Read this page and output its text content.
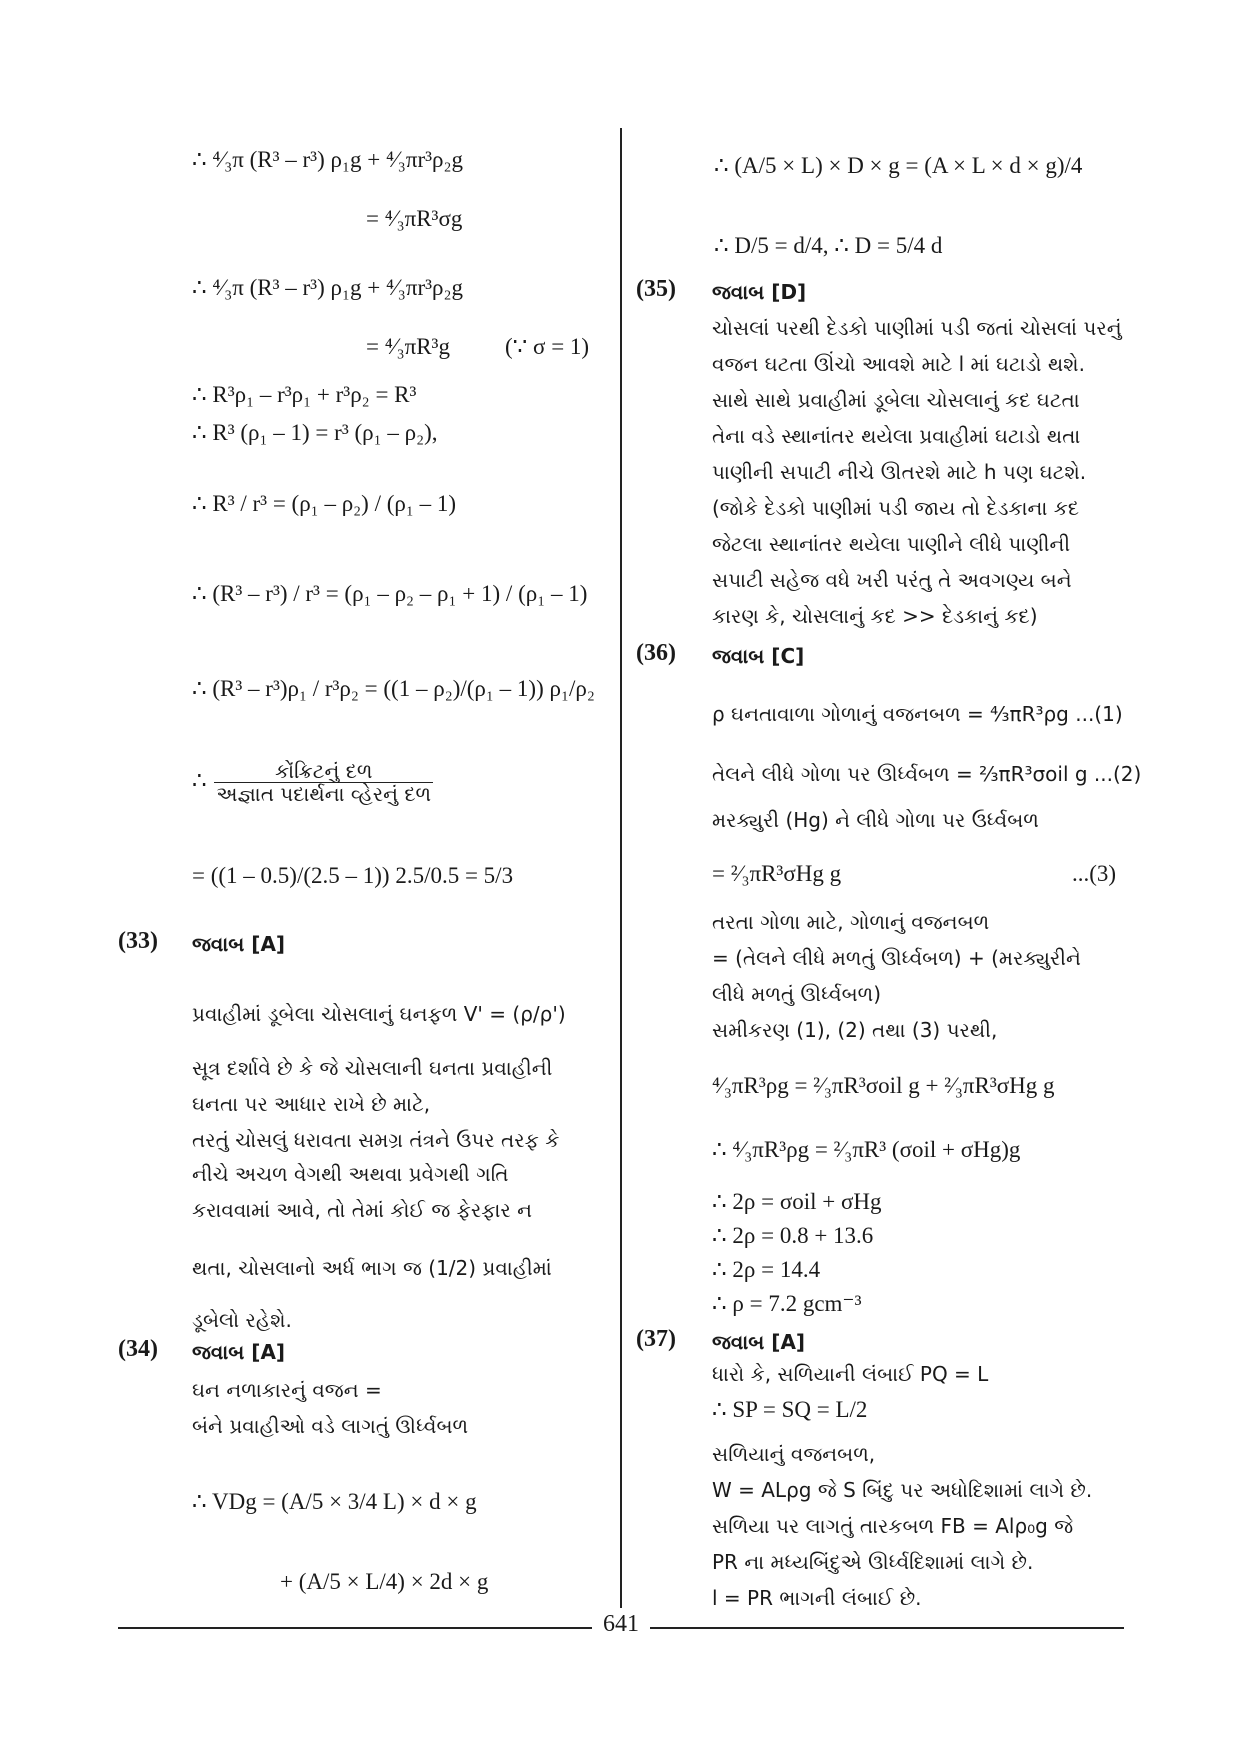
∴ ⁴⁄₃π (R³ – r³) ρ₁g + ⁴⁄₃πr³ρ₂g
= ⁴⁄₃πR³σg
∴ ⁴⁄₃π (R³ – r³) ρ₁g + ⁴⁄₃πr³ρ₂g
= ⁴⁄₃πR³g (∵ σ = 1)
∴ R³ρ₁ – r³ρ₁ + r³ρ₂ = R³
∴ R³ (ρ₁ – 1) = r³ (ρ₁ – ρ₂),
∴ R³ / r³ = (ρ₁ – ρ₂) / (ρ₁ – 1)
∴ (R³ – r³) / r³ = (ρ₁ – ρ₂ – ρ₁ + 1) / (ρ₁ – 1)
∴ (R³ – r³)ρ₁ / r³ρ₂ = ((1 – ρ₂)/(ρ₁ – 1)) ρ₁/ρ₂
∴ $\frac{\text{કોંક્રિટનું દળ}}{\text{અજ્ઞાત પદાર્થના વ્હેરનું દળ}}$
= ((1 – 0.5)/(2.5 – 1)) 2.5/0.5 = 5/3
(33) જવાબ [A]
પ્રવાહીમાં ડૂબેલા ચોસલાનું ઘનફળ V' = (ρ/ρ')
સૂત્ર દર્શાવે છે કે જે ચોસલાની ઘનતા પ્રવાહીની
ઘનતા પર આધાર રાખે છે માટે,
તરતું ચોસલું ધરાવતા સમગ્ર તંત્રને ઉપર તરફ કે
નીચે અચળ વેગથી અથવા પ્રવેગથી ગતિ
કરાવવામાં આવે, તો તેમાં કોઈ જ ફેરફાર ન
થતા, ચોસલાનો અર્ધ ભાગ જ (1/2) પ્રવાહીમાં
ડૂબેલો રહેશે.
(34) જવાબ [A]
ઘન નળાકારનું વજન =
બંને પ્રવાહીઓ વડે લાગતું ઊર્ધ્વબળ
∴ VDg = (A/5 × 3/4 L) × d × g
+ (A/5 × L/4) × 2d × g
∴ (A/5 × L) × D × g = (A × L × d × g)/4
∴ D/5 = d/4, ∴ D = 5/4 d
(35) જવાબ [D]
ચોસલાં પરથી દેડકો પાણીમાં પડી જતાં ચોસલાં પરનું
વજન ઘટતા ઊંચો આવશે માટે l માં ઘટાડો થશે.
સાથે સાથે પ્રવાહીમાં ડૂબેલા ચોસલાનું કદ ઘટતા
તેના વડે સ્થાનાંતર થયેલા પ્રવાહીમાં ઘટાડો થતા
પાણીની સપાટી નીચે ઊતરશે માટે h પણ ઘટશે.
(જોકે દેડકો પાણીમાં પડી જાય તો દેડકાના કદ
જેટલા સ્થાનાંતર થયેલા પાણીને લીધે પાણીની
સપાટી સહેજ વધે ખરી પરંતુ તે અવગણ્ય બને
કારણ કે, ચોસલાનું કદ >> દેડકાનું કદ)
(36) જવાબ [C]
ρ ઘનતાવાળા ગોળાનું વજનબળ = ⁴⁄₃πR³ρg ...(1)
તેલને લીધે ગોળા પર ઊર્ધ્વબળ = ²⁄₃πR³σoil g ...(2)
મરક્યુરી (Hg) ને લીધે ગોળા પર ઉર્ધ્વબળ
= ²⁄₃πR³σHg g	...(3)
તરતા ગોળા માટે, ગોળાનું વજનબળ
= (તેલને લીધે મળતું ઊર્ધ્વબળ) + (મરક્યુરીને
લીધે મળતું ઊર્ધ્વબળ)
સમીકરણ (1), (2) તથા (3) પરથી,
⁴⁄₃πR³ρg = ²⁄₃πR³σoil g + ²⁄₃πR³σHg g
∴ ⁴⁄₃πR³ρg = ²⁄₃πR³ (σoil + σHg)g
∴ 2ρ = σoil + σHg
∴ 2ρ = 0.8 + 13.6
∴ 2ρ = 14.4
∴ ρ = 7.2 gcm⁻³
(37) જવાબ [A]
ધારો કે, સળિયાની લંબાઈ PQ = L
∴ SP = SQ = L/2
સળિયાનું વજનબળ,
W = ALρg જે S બિંદુ પર અધોદિશામાં લાગે છે.
સળિયા પર લાગતું તારકબળ FB = Alρ₀g જે
PR ના મધ્યબિંદુએ ઊર્ધ્વદિશામાં લાગે છે.
l = PR ભાગની લંબાઈ છે.
641
